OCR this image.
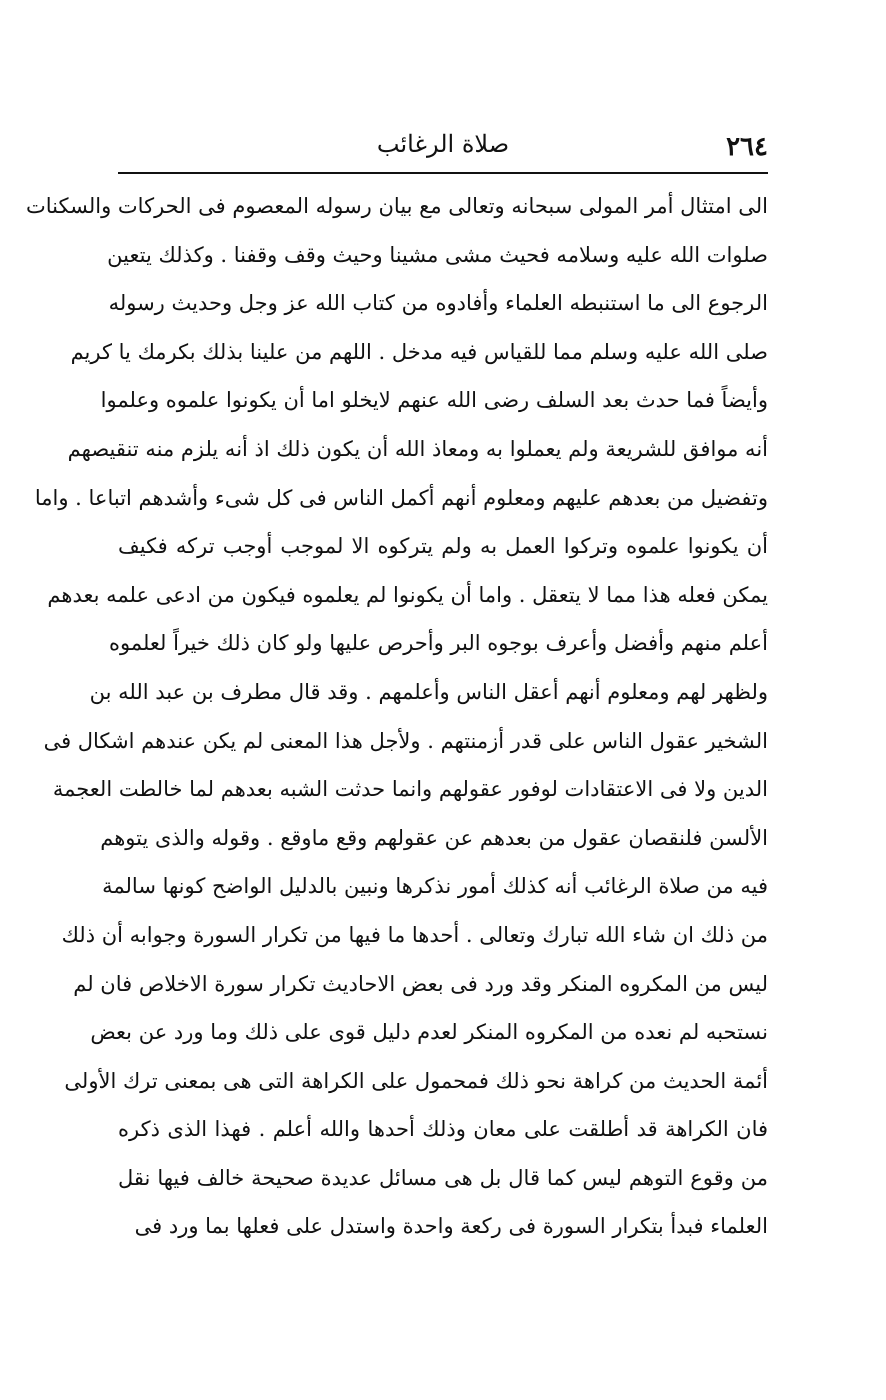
٢٦٤
صلاة الرغائب
الى امتثال أمر المولى سبحانه وتعالى مع بيان رسوله المعصوم فى الحركات والسكنات
صلوات الله عليه وسلامه فحيث مشى مشينا وحيث وقف وقفنا . وكذلك يتعين
الرجوع الى ما استنبطه العلماء وأفادوه من كتاب الله عز وجل وحديث رسوله
صلى الله عليه وسلم مما للقياس فيه مدخل . اللهم من علينا بذلك بكرمك يا كريم
وأيضاً فما حدث بعد السلف رضى الله عنهم لايخلو اما أن يكونوا علموه وعلموا
أنه موافق للشريعة ولم يعملوا به ومعاذ الله أن يكون ذلك اذ أنه يلزم منه تنقيصهم
وتفضيل من بعدهم عليهم ومعلوم أنهم أكمل الناس فى كل شىء وأشدهم اتباعا . واما
أن يكونوا علموه وتركوا العمل به ولم يتركوه الا لموجب أوجب تركه فكيف
يمكن فعله هذا مما لا يتعقل . واما أن يكونوا لم يعلموه فيكون من ادعى علمه بعدهم
أعلم منهم وأفضل وأعرف بوجوه البر وأحرص عليها ولو كان ذلك خيراً لعلموه
ولظهر لهم ومعلوم أنهم أعقل الناس وأعلمهم . وقد قال مطرف بن عبد الله بن
الشخير عقول الناس على قدر أزمنتهم . ولأجل هذا المعنى لم يكن عندهم اشكال فى
الدين ولا فى الاعتقادات لوفور عقولهم وانما حدثت الشبه بعدهم لما خالطت العجمة
الألسن فلنقصان عقول من بعدهم عن عقولهم وقع ماوقع . وقوله والذى يتوهم
فيه من صلاة الرغائب أنه كذلك أمور نذكرها ونبين بالدليل الواضح كونها سالمة
من ذلك ان شاء الله تبارك وتعالى . أحدها ما فيها من تكرار السورة وجوابه أن ذلك
ليس من المكروه المنكر وقد ورد فى بعض الاحاديث تكرار سورة الاخلاص فان لم
نستحبه لم نعده من المكروه المنكر لعدم دليل قوى على ذلك وما ورد عن بعض
أئمة الحديث من كراهة نحو ذلك فمحمول على الكراهة التى هى بمعنى ترك الأولى
فان الكراهة قد أطلقت على معان وذلك أحدها والله أعلم . فهذا الذى ذكره
من وقوع التوهم ليس كما قال بل هى مسائل عديدة صحيحة خالف فيها نقل
العلماء فبدأ بتكرار السورة فى ركعة واحدة واستدل على فعلها بما ورد فى
